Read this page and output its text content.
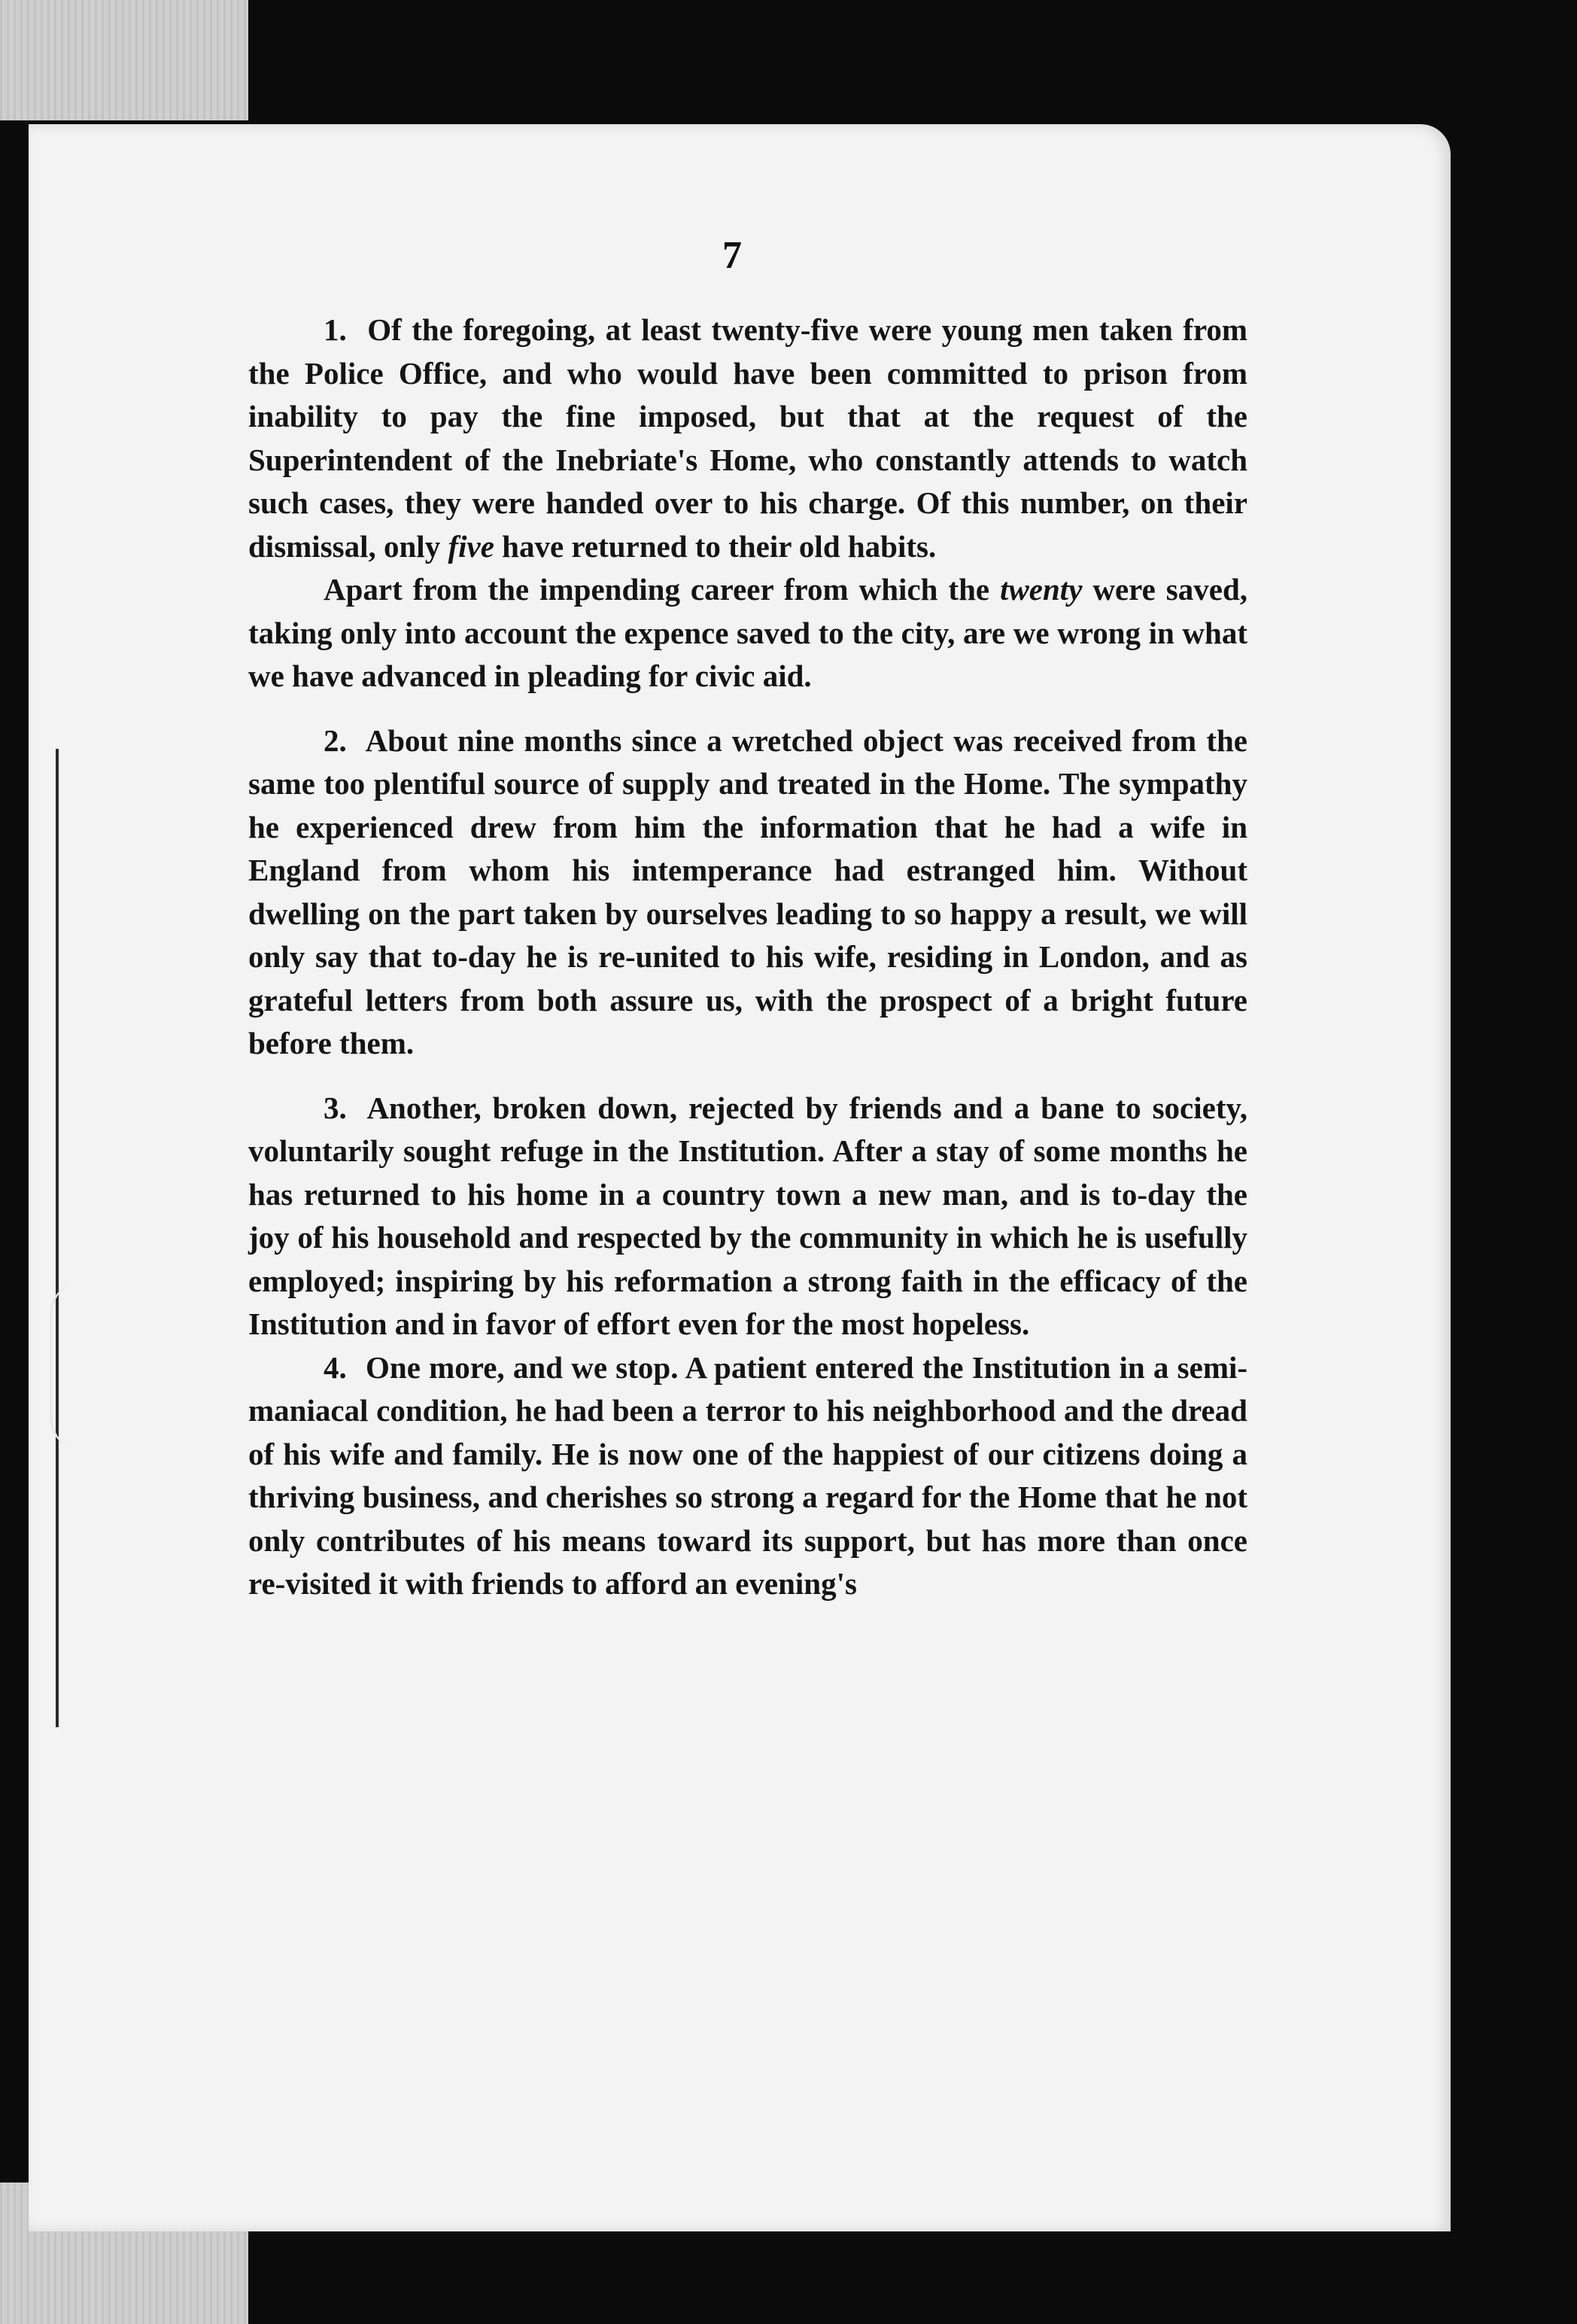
7

1. Of the foregoing, at least twenty-five were young men taken from the Police Office, and who would have been committed to prison from inability to pay the fine imposed, but that at the request of the Superintendent of the Inebriate's Home, who constantly attends to watch such cases, they were handed over to his charge. Of this number, on their dismissal, only five have returned to their old habits.

Apart from the impending career from which the twenty were saved, taking only into account the expence saved to the city, are we wrong in what we have advanced in pleading for civic aid.

2. About nine months since a wretched object was received from the same too plentiful source of supply and treated in the Home. The sympathy he experienced drew from him the information that he had a wife in England from whom his intemperance had estranged him. Without dwelling on the part taken by ourselves leading to so happy a result, we will only say that to-day he is re-united to his wife, residing in London, and as grateful letters from both assure us, with the prospect of a bright future before them.

3. Another, broken down, rejected by friends and a bane to society, voluntarily sought refuge in the Institution. After a stay of some months he has returned to his home in a country town a new man, and is to-day the joy of his household and respected by the community in which he is usefully employed; inspiring by his reformation a strong faith in the efficacy of the Institution and in favor of effort even for the most hopeless.

4. One more, and we stop. A patient entered the Institution in a semi-maniacal condition, he had been a terror to his neighborhood and the dread of his wife and family. He is now one of the happiest of our citizens doing a thriving business, and cherishes so strong a regard for the Home that he not only contributes of his means toward its support, but has more than once re-visited it with friends to afford an evening's
